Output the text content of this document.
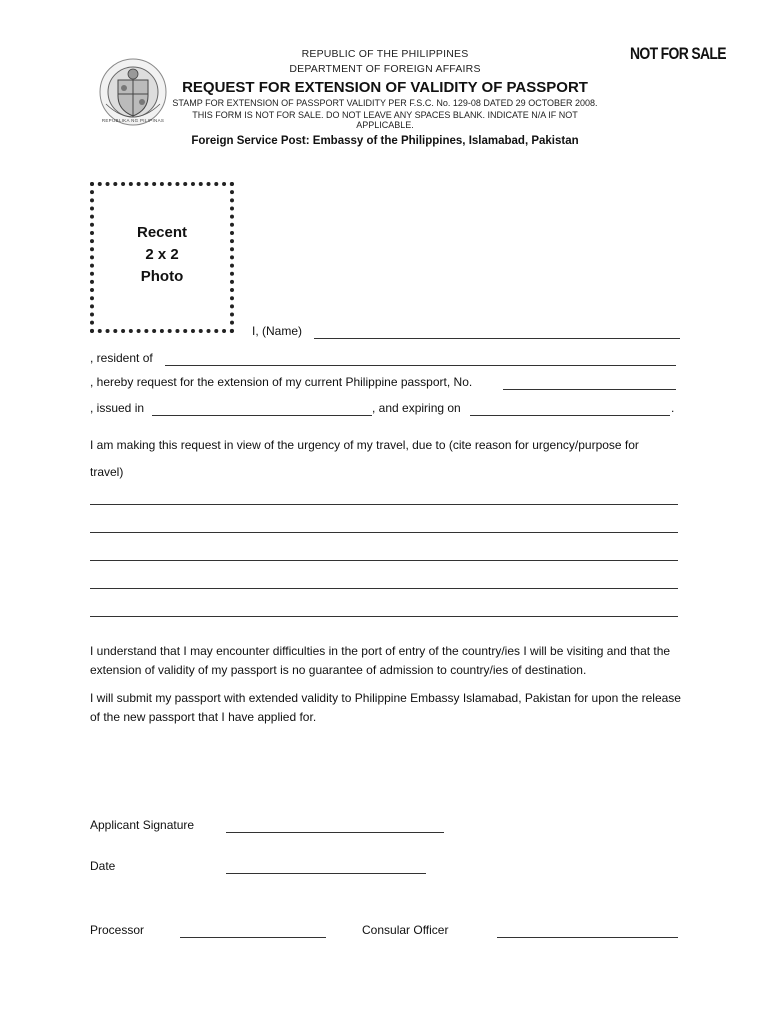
REPUBLIKA NG PILIPINAS
REPUBLIC OF THE PHILIPPINES
DEPARTMENT OF FOREIGN AFFAIRS
REQUEST FOR EXTENSION OF VALIDITY OF PASSPORT
STAMP FOR EXTENSION OF PASSPORT VALIDITY PER F.S.C. No. 129-08 DATED 29 OCTOBER 2008.
THIS FORM IS NOT FOR SALE. DO NOT LEAVE ANY SPACES BLANK. INDICATE N/A IF NOT APPLICABLE.
NOT FOR SALE
Foreign Service Post: Embassy of the Philippines, Islamabad, Pakistan
Recent
2 x 2
Photo
I, (Name)
, resident of
, hereby request for the extension of my current Philippine passport, No.
, issued in	, and expiring on	.
I am making this request in view of the urgency of my travel, due to (cite reason for urgency/purpose for
travel)
I understand that I may encounter difficulties in the port of entry of the country/ies I will be visiting and that the extension of validity of my passport is no guarantee of admission to country/ies of destination.
I will submit my passport with extended validity to Philippine Embassy Islamabad, Pakistan for upon the release of the new passport that I have applied for.
Applicant Signature
Date
Processor	Consular Officer
